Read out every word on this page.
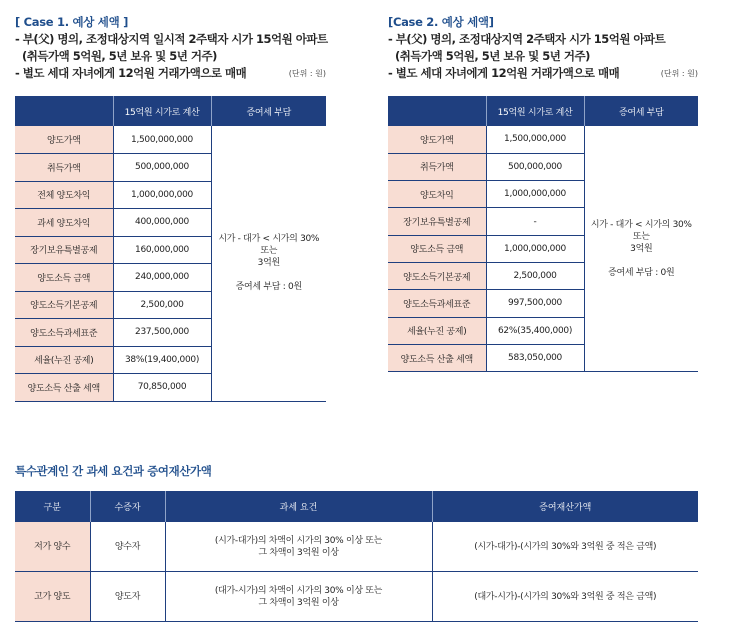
[ Case 1. 예상 세액 ]
- 부(父) 명의, 조정대상지역 일시적 2주택자 시가 15억원 아파트
(취득가액 5억원, 5년 보유 및 5년 거주)
- 별도 세대 자녀에게 12억원 거래가액으로 매매	(단위 : 원)
	15억원 시가로 계산	증여세 부담
양도가액	1,500,000,000	시가 - 대가 < 시가의 30%
또는
3억원
증여세 부담 : 0원

취득가액	500,000,000	
전체 양도차익	1,000,000,000	
과세 양도차익	400,000,000	
장기보유특별공제	160,000,000	
양도소득 금액	240,000,000	
양도소득기본공제	2,500,000	
양도소득과세표준	237,500,000	
세율(누진 공제)	38%(19,400,000)	
양도소득 산출 세액	70,850,000	
[Case 2. 예상 세액]
- 부(父) 명의, 조정대상지역 2주택자 시가 15억원 아파트
(취득가액 5억원, 5년 보유 및 5년 거주)
- 별도 세대 자녀에게 12억원 거래가액으로 매매	(단위 : 원)
	15억원 시가로 계산	증여세 부담
양도가액	1,500,000,000	시가 - 대가 < 시가의 30%
또는
3억원
증여세 부담 : 0원

취득가액	500,000,000	
양도차익	1,000,000,000	
장기보유특별공제	-	
양도소득 금액	1,000,000,000	
양도소득기본공제	2,500,000	
양도소득과세표준	997,500,000	
세율(누진 공제)	62%(35,400,000)	
양도소득 산출 세액	583,050,000	
특수관계인 간 과세 요건과 증여재산가액
구분	수증자	과세 요건	증여재산가액
저가 양수	양수자	(시가-대가)의 차액이 시가의 30% 이상 또는
그 차액이 3억원 이상	(시가-대가)-(시가의 30%와 3억원 중 적은 금액)
고가 양도	양도자	(대가-시가)의 차액이 시가의 30% 이상 또는
그 차액이 3억원 이상	(대가-시가)-(시가의 30%와 3억원 중 적은 금액)
